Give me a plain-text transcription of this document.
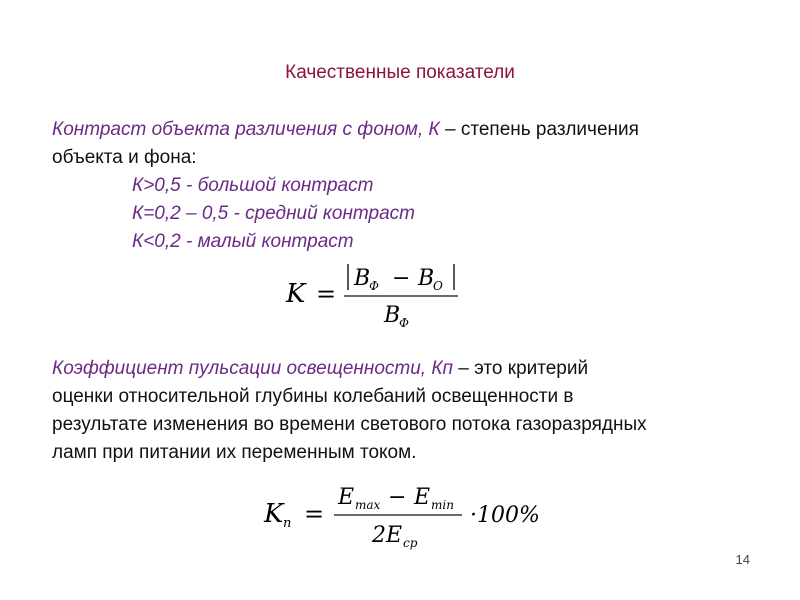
Качественные показатели
Контраст объекта различения с фоном, К – степень различения
объекта и фона:
К>0,5 - большой контраст
К=0,2 – 0,5 - средний контраст
К<0,2 - малый контраст
K =
B
Ф − B
O
B
Ф
Коэффициент пульсации освещенности, Кп – это критерий
оценки относительной глубины колебаний освещенности в
результате изменения во времени светового потока газоразрядных
ламп при питании их переменным током.
K п =
E max − E min
2E ср
·100%
14
